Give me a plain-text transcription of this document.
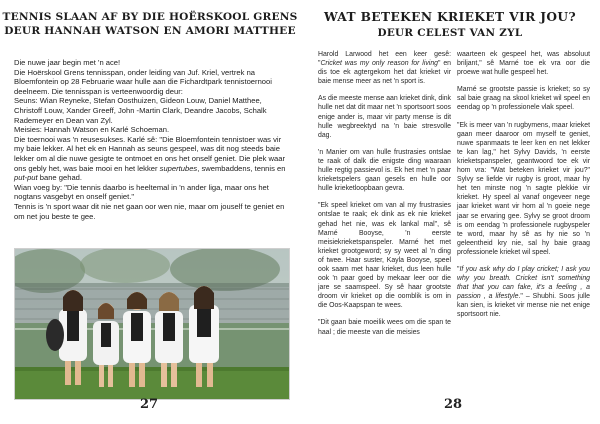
TENNIS SLAAN AF BY DIE HOËRSKOOL GRENS
DEUR HANNAH WATSON EN AMORI MATTHEE

Die nuwe jaar begin met 'n ace!

Die Hoërskool Grens tennisspan, onder leiding van Juf. Kriel, vertrek na Bloemfontein op 28 Februarie waar hulle aan die Fichardtpark tennistoernooi deelneem. Die tennisspan is verteenwoordig deur:

Seuns: Wian Reyneke, Stefan Oosthuizen, Gideon Louw, Daniel Matthee, Christoff Louw, Xander Greeff, John -Martin Clark, Deandre Jacobs, Schalk Rademeyer en Dean van Zyl.

Meisies: Hannah Watson en Karlé Schoeman.

Die toernooi was 'n reusesukses. Karlé sê: "Die Bloemfontein tennistoer was vir my baie lekker. Al het ek en Hannah as seuns gespeel, was dit nog steeds baie lekker om al die nuwe gesigte te ontmoet en ons het onself geniet. Die plek waar ons gebly het, was baie mooi en het lekker supertubes, swembaddens, tennis en put-put bane gehad.

Wian voeg by: "Die tennis daarbo is heeltemal in 'n ander liga, maar ons het nogtans vasgebyt en onself geniet."

Tennis is 'n sport waar dit nie net gaan oor wen nie, maar om jouself te geniet en om net jou beste te gee.

27
WAT BETEKEN KRIEKET VIR JOU?
DEUR CELEST VAN ZYL

Harold Larwood het een keer gesê: "Cricket was my only reason for living" en dis toe ek agtergekom het dat krieket vir baie mense meer as net 'n sport is.

As die meeste mense aan krieket dink, dink hulle net dat dit maar net 'n sportsoort soos enige ander is, maar vir party mense is dit hulle wegbreektyd na 'n baie stresvolle dag.

'n Manier om van hulle frustrasies ontslae te raak of dalk die enigste ding waaraan hulle regtig passievol is. Ek het met 'n paar krieketspelers gaan gesels en hulle oor hulle krieketloopbaan gevra.

"Ek speel krieket om van al my frustrasies ontslae te raak; ek dink as ek nie krieket gehad het nie, was ek lankal mal", sê Marné Booyse, 'n eerste meisiekrieketspanspeler. Marné het met krieket grootgeword; sy sy weet al 'n ding of twee. Haar suster, Kayla Booyse, speel ook saam met haar krieket, dus leen hulle ook 'n paar goed by mekaar leer oor die jare se saamspeel. Sy sê haar grootste droom vir krieket op die oomblik is om in die Oos-Kaapspan te wees.

"Dit gaan baie moeilik wees om die span te haal ; die meeste van die meisies

waarteen ek gespeel het, was absoluut briljant," sê Marné toe ek vra oor die proewe wat hulle gespeel het.

Marné se grootste passie is krieket; so sy sal baie graag na skool krieket wil speel en eendag op 'n professionele vlak speel.

"Ek is meer van 'n rugbymens, maar krieket gaan meer daaroor om myself te geniet, nuwe spanmaats te leer ken en net lekker te kan lag," het Sylvy Davids, 'n eerste krieketspanspeler, geantwoord toe ek vir hom vra: "Wat beteken krieket vir jou?" Sylvy se liefde vir rugby is groot, maar hy het ten minste nog 'n sagte plekkie vir krieket. Hy speel al vanaf ongeveer nege jaar krieket want vir hom al 'n goeie nege jaar se ervaring gee. Sylvy se groot droom is om eendag 'n professionele rugbyspeler te word, maar hy sê as hy nie so 'n geleentheid kry nie, sal hy baie graag professionele krieket wil speel.

"If you ask why do I play cricket; I ask you why you breath. Cricket isn't something that that you can fake, it's a feeling , a passion , a lifestyle." – Shubhi. Soos julle kan sien, is krieket vir mense nie net enige sportsoort nie.

28
